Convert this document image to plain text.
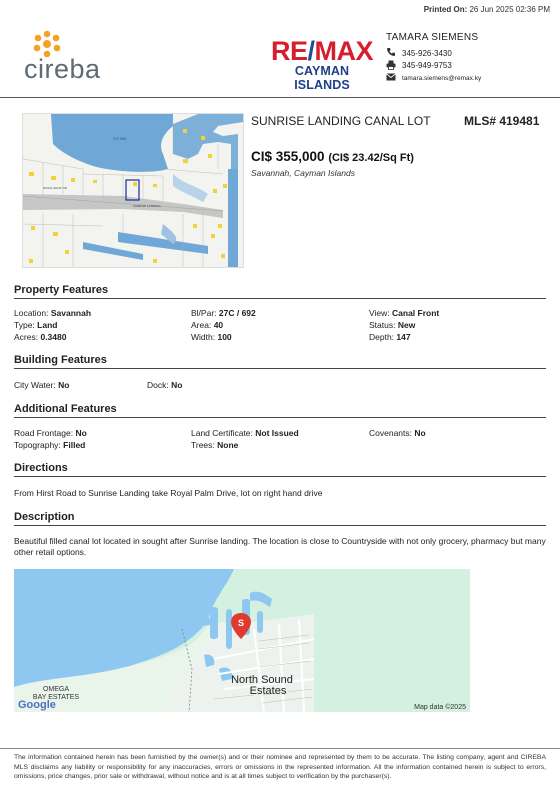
Printed On: 26 Jun 2025 02:36 PM
cireba
RE/MAX
CAYMAN ISLANDS
TAMARA SIEMENS
345-926-3430
345-949-9753
tamara.siemens@remax.ky
ROYAL PALM DR
SUNRISE LANDING
27C 692
SUNRISE LANDING CANAL LOT	MLS# 419481
CI$ 355,000 (CI$ 23.42/Sq Ft)
Savannah, Cayman Islands
Property Features
Location: Savannah	Bl/Par: 27C / 692	View: Canal Front
Type: Land	Area: 40	Status: New
Acres: 0.3480	Width: 100	Depth: 147
Building Features
City Water: No	Dock: No
Additional Features
Road Frontage: No	Land Certificate: Not Issued	Covenants: No
Topography: Filled	Trees: None
Directions
From Hirst Road to Sunrise Landing take Royal Palm Drive, lot on right hand drive
Description
Beautiful filled canal lot located in sought after Sunrise landing. The location is close to Countryside with not only grocery, pharmacy but many other retail options.
S
North Sound
Estates
OMEGA
BAY ESTATES
Google	Map data ©2025
The information contained herein has been furnished by the owner(s) and or their nominee and represented by them to be accurate. The listing company, agent and CIREBA MLS disclaims any liability or responsibility for any inaccuracies, errors or omissions in the represented information. All the information contained herein is subject to errors, omissions, price changes, prior sale or withdrawal, without notice and is at all times subject to verification by the purchaser(s).
